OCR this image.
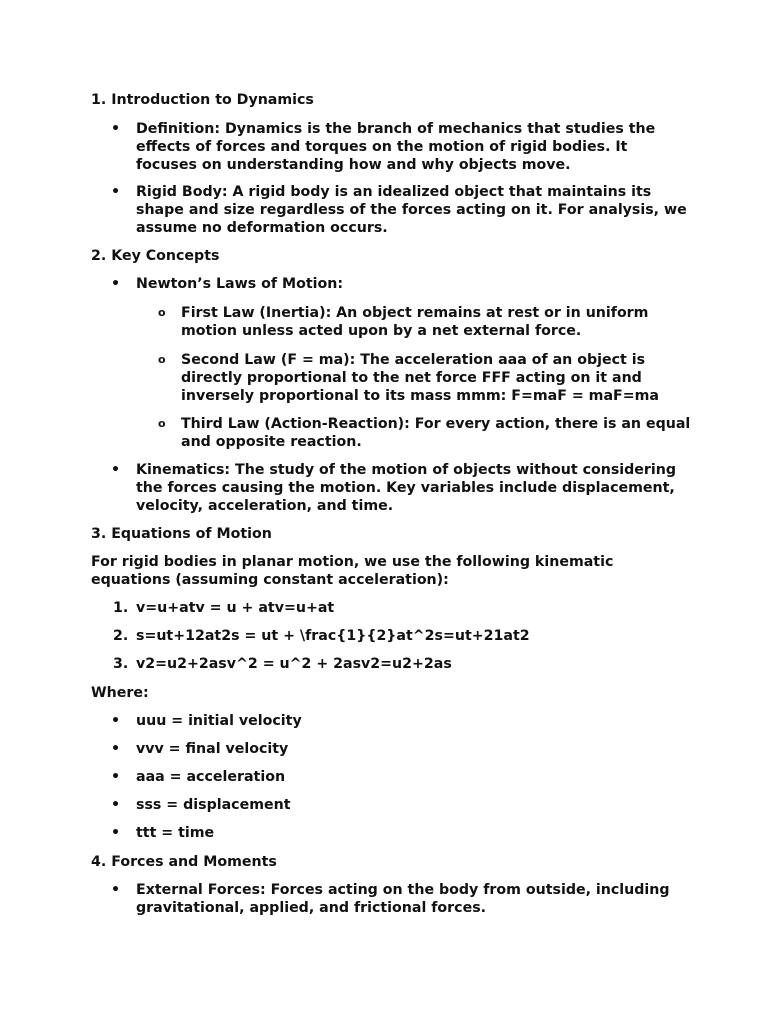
1. Introduction to Dynamics

• Definition: Dynamics is the branch of mechanics that studies the

effects of forces and torques on the motion of rigid bodies. It

focuses on understanding how and why objects move.

• Rigid Body: A rigid body is an idealized object that maintains its

shape and size regardless of the forces acting on it. For analysis, we

assume no deformation occurs.

2. Key Concepts

• Newton’s Laws of Motion:

o First Law (Inertia): An object remains at rest or in uniform

motion unless acted upon by a net external force.

o Second Law (F = ma): The acceleration aaa of an object is

directly proportional to the net force FFF acting on it and

inversely proportional to its mass mmm: F=maF = maF=ma

o Third Law (Action-Reaction): For every action, there is an equal

and opposite reaction.

• Kinematics: The study of the motion of objects without considering

the forces causing the motion. Key variables include displacement,

velocity, acceleration, and time.

3. Equations of Motion

For rigid bodies in planar motion, we use the following kinematic

equations (assuming constant acceleration):

1. v=u+atv = u + atv=u+at

2. s=ut+12at2s = ut + \frac{1}{2}at^2s=ut+21at2

3. v2=u2+2asv^2 = u^2 + 2asv2=u2+2as

Where:

• uuu = initial velocity

• vvv = final velocity

• aaa = acceleration

• sss = displacement

• ttt = time

4. Forces and Moments

• External Forces: Forces acting on the body from outside, including

gravitational, applied, and frictional forces.
